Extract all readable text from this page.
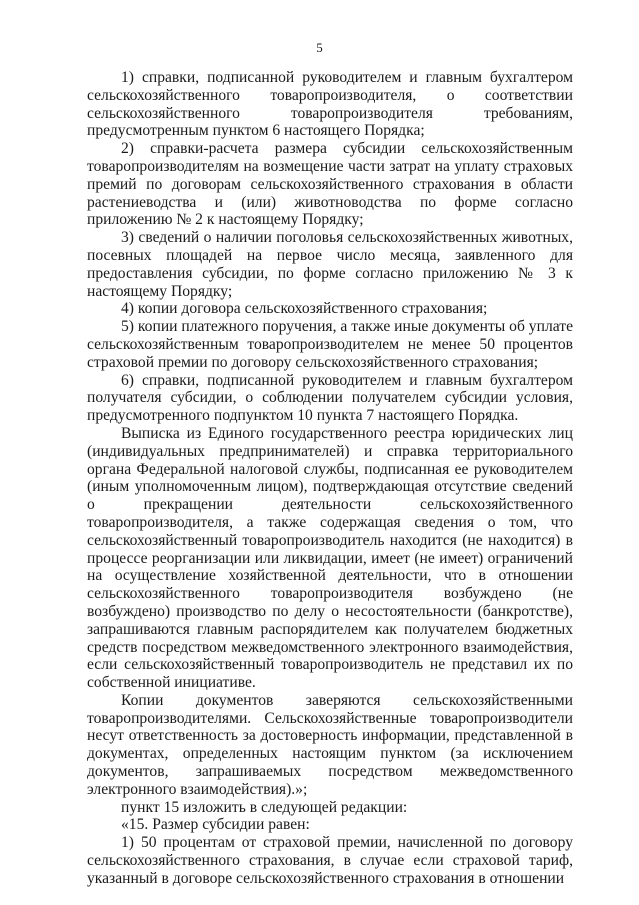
5

1) справки, подписанной руководителем и главным бухгалтером сельскохозяйственного товаропроизводителя, о соответствии сельскохозяйственного товаропроизводителя требованиям, предусмотренным пунктом 6 настоящего Порядка;

2) справки-расчета размера субсидии сельскохозяйственным товаропроизводителям на возмещение части затрат на уплату страховых премий по договорам сельскохозяйственного страхования в области растениеводства и (или) животноводства по форме согласно приложению № 2 к настоящему Порядку;

3) сведений о наличии поголовья сельскохозяйственных животных, посевных площадей на первое число месяца, заявленного для предоставления субсидии, по форме согласно приложению № 3 к настоящему Порядку;

4) копии договора сельскохозяйственного страхования;

5) копии платежного поручения, а также иные документы об уплате сельскохозяйственным товаропроизводителем не менее 50 процентов страховой премии по договору сельскохозяйственного страхования;

6) справки, подписанной руководителем и главным бухгалтером получателя субсидии, о соблюдении получателем субсидии условия, предусмотренного подпунктом 10 пункта 7 настоящего Порядка.

Выписка из Единого государственного реестра юридических лиц (индивидуальных предпринимателей) и справка территориального органа Федеральной налоговой службы, подписанная ее руководителем (иным уполномоченным лицом), подтверждающая отсутствие сведений о прекращении деятельности сельскохозяйственного товаропроизводителя, а также содержащая сведения о том, что сельскохозяйственный товаропроизводитель находится (не находится) в процессе реорганизации или ликвидации, имеет (не имеет) ограничений на осуществление хозяйственной деятельности, что в отношении сельскохозяйственного товаропроизводителя возбуждено (не возбуждено) производство по делу о несостоятельности (банкротстве), запрашиваются главным распорядителем как получателем бюджетных средств посредством межведомственного электронного взаимодействия, если сельскохозяйственный товаропроизводитель не представил их по собственной инициативе.

Копии документов заверяются сельскохозяйственными товаропроизводителями. Сельскохозяйственные товаропроизводители несут ответственность за достоверность информации, представленной в документах, определенных настоящим пунктом (за исключением документов, запрашиваемых посредством межведомственного электронного взаимодействия).»;

пункт 15 изложить в следующей редакции:

«15. Размер субсидии равен:

1) 50 процентам от страховой премии, начисленной по договору сельскохозяйственного страхования, в случае если страховой тариф, указанный в договоре сельскохозяйственного страхования в отношении
